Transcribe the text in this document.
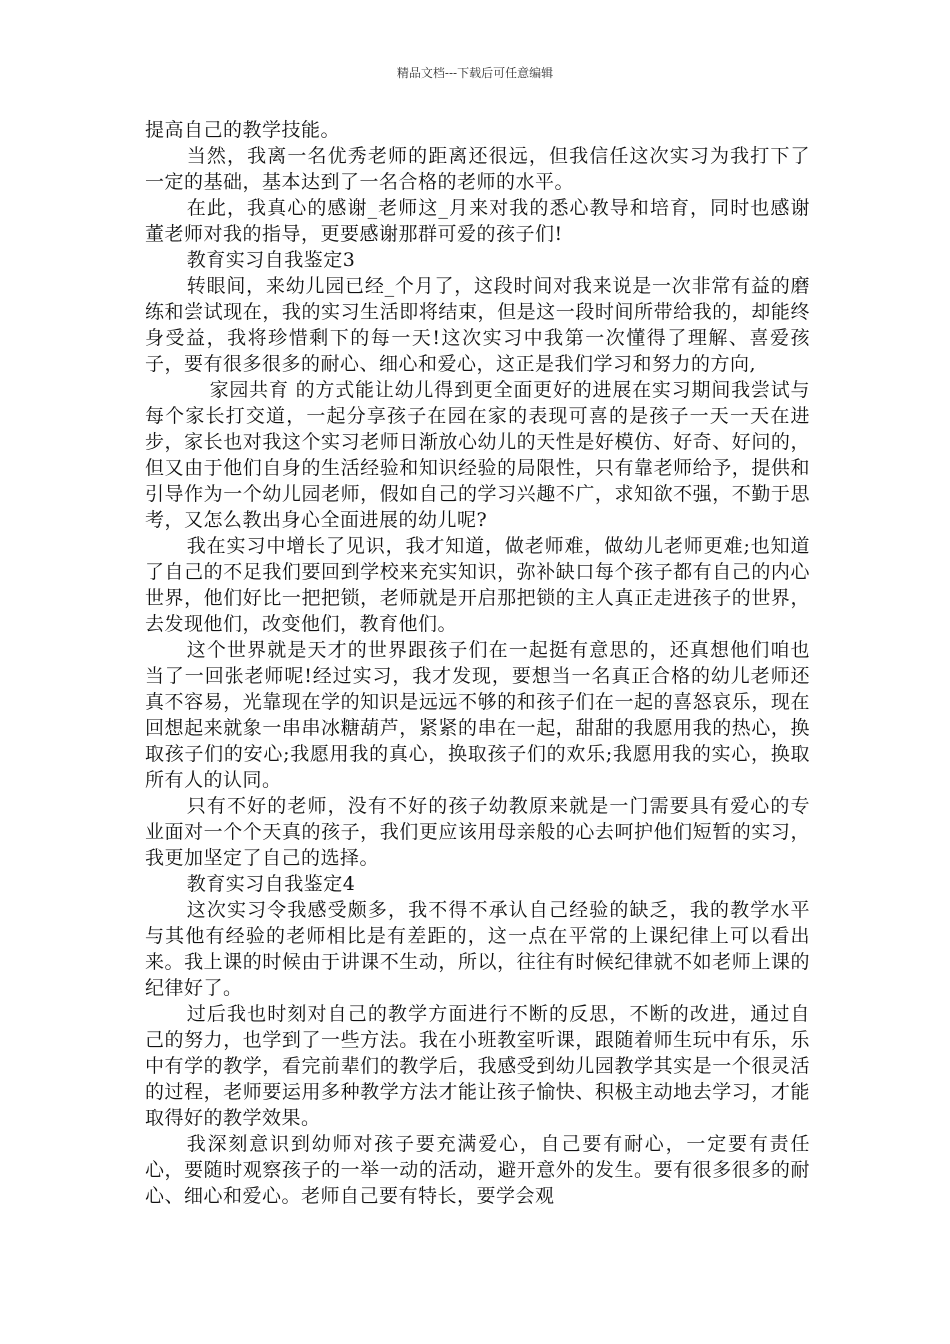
精品文档---下载后可任意编辑

提高自己的教学技能。

当然，我离一名优秀老师的距离还很远，但我信任这次实习为我打下了一定的基础，基本达到了一名合格的老师的水平。

在此，我真心的感谢_老师这_月来对我的悉心教导和培育，同时也感谢董老师对我的指导，更要感谢那群可爱的孩子们!

教育实习自我鉴定3

转眼间，来幼儿园已经_个月了，这段时间对我来说是一次非常有益的磨练和尝试现在，我的实习生活即将结束，但是这一段时间所带给我的，却能终身受益，我将珍惜剩下的每一天!这次实习中我第一次懂得了理解、喜爱孩子，要有很多很多的耐心、细心和爱心，这正是我们学习和努力的方向,

家园共育 的方式能让幼儿得到更全面更好的进展在实习期间我尝试与每个家长打交道，一起分享孩子在园在家的表现可喜的是孩子一天一天在进步，家长也对我这个实习老师日渐放心幼儿的天性是好模仿、好奇、好问的，但又由于他们自身的生活经验和知识经验的局限性，只有靠老师给予，提供和引导作为一个幼儿园老师，假如自己的学习兴趣不广，求知欲不强，不勤于思考，又怎么教出身心全面进展的幼儿呢?

我在实习中增长了见识，我才知道，做老师难，做幼儿老师更难;也知道了自己的不足我们要回到学校来充实知识，弥补缺口每个孩子都有自己的内心世界，他们好比一把把锁，老师就是开启那把锁的主人真正走进孩子的世界，去发现他们，改变他们，教育他们。

这个世界就是天才的世界跟孩子们在一起挺有意思的，还真想他们咱也当了一回张老师呢!经过实习，我才发现，要想当一名真正合格的幼儿老师还真不容易，光靠现在学的知识是远远不够的和孩子们在一起的喜怒哀乐，现在回想起来就象一串串冰糖葫芦，紧紧的串在一起，甜甜的我愿用我的热心，换取孩子们的安心;我愿用我的真心，换取孩子们的欢乐;我愿用我的实心，换取所有人的认同。

只有不好的老师，没有不好的孩子幼教原来就是一门需要具有爱心的专业面对一个个天真的孩子，我们更应该用母亲般的心去呵护他们短暂的实习，我更加坚定了自己的选择。

教育实习自我鉴定4

这次实习令我感受颇多，我不得不承认自己经验的缺乏，我的教学水平与其他有经验的老师相比是有差距的，这一点在平常的上课纪律上可以看出来。我上课的时候由于讲课不生动，所以，往往有时候纪律就不如老师上课的纪律好了。

过后我也时刻对自己的教学方面进行不断的反思，不断的改进，通过自己的努力，也学到了一些方法。我在小班教室听课，跟随着师生玩中有乐，乐中有学的教学，看完前辈们的教学后，我感受到幼儿园教学其实是一个很灵活的过程，老师要运用多种教学方法才能让孩子愉快、积极主动地去学习，才能取得好的教学效果。

我深刻意识到幼师对孩子要充满爱心，自己要有耐心，一定要有责任心，要随时观察孩子的一举一动的活动，避开意外的发生。要有很多很多的耐心、细心和爱心。老师自己要有特长，要学会观
